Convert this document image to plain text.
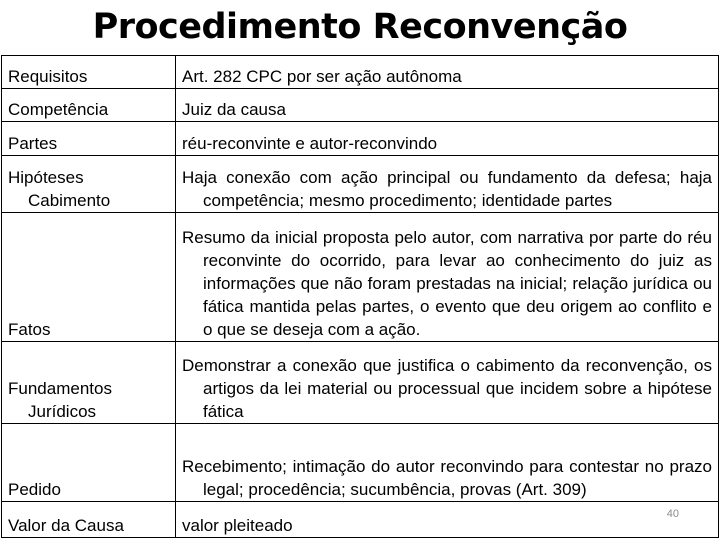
Procedimento Reconvenção
Requisitos	Art. 282 CPC por ser ação autônoma

Competência	Juiz da causa

Partes	réu-reconvinte e autor-reconvindo

Hipóteses Cabimento	Haja conexão com ação principal ou fundamento da defesa; haja competência; mesmo procedimento; identidade partes

Fatos	Resumo da inicial proposta pelo autor, com narrativa por parte do réu reconvinte do ocorrido, para levar ao conhecimento do juiz as informações que não foram prestadas na inicial; relação jurídica ou fática mantida pelas partes, o evento que deu origem ao conflito e o que se deseja com a ação.

Fundamentos Jurídicos	Demonstrar a conexão que justifica o cabimento da reconvenção, os artigos da lei material ou processual que incidem sobre a hipótese fática

Pedido	Recebimento; intimação do autor reconvindo para contestar no prazo legal; procedência; sucumbência, provas (Art. 309)

Valor da Causa	valor pleiteado
40
